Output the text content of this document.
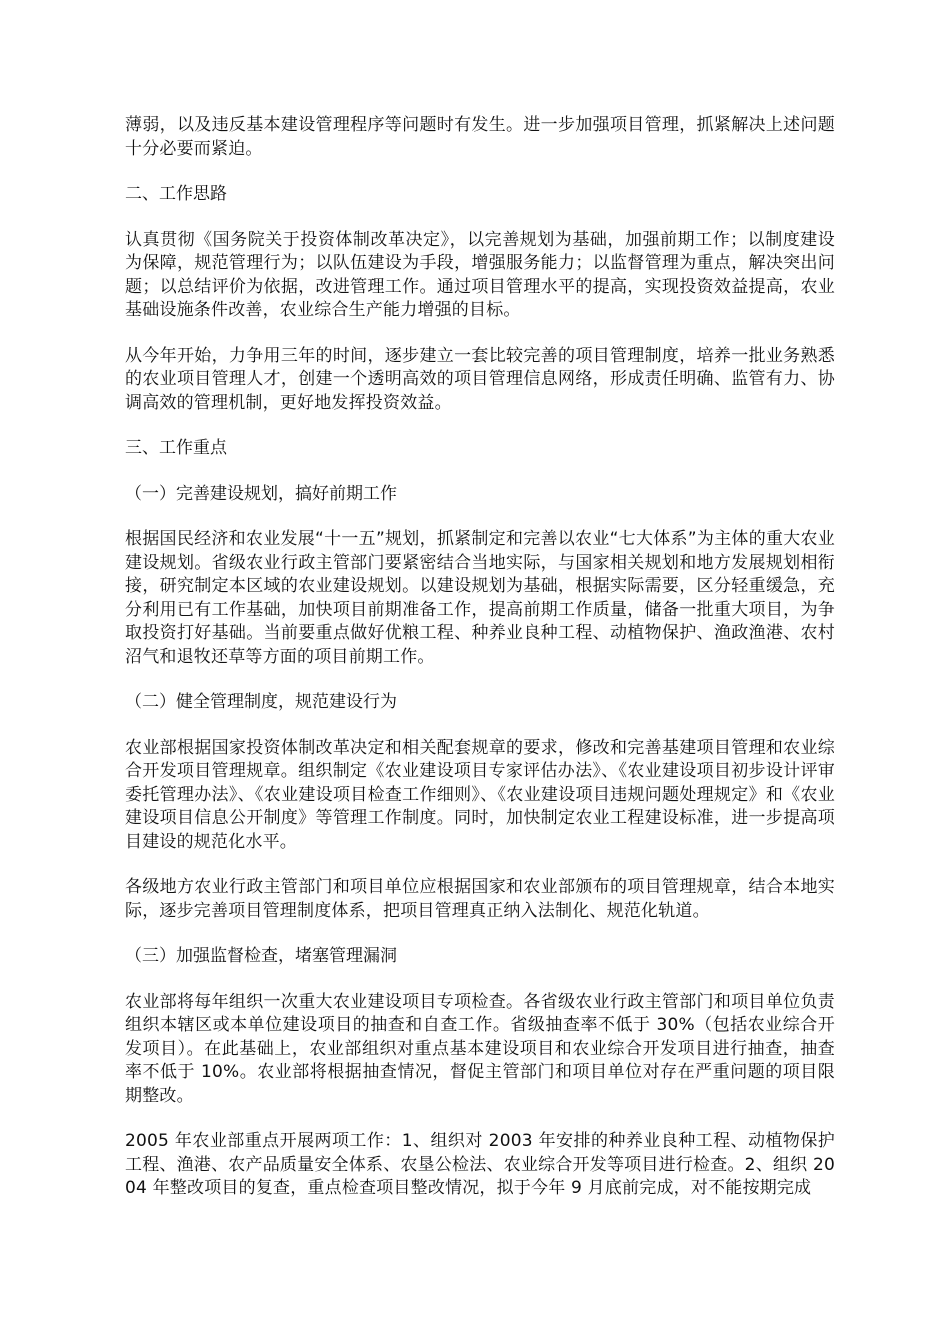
薄弱，以及违反基本建设管理程序等问题时有发生。进一步加强项目管理，抓紧解决上述问题十分必要而紧迫。

二、工作思路

认真贯彻《国务院关于投资体制改革决定》，以完善规划为基础，加强前期工作；以制度建设为保障，规范管理行为；以队伍建设为手段，增强服务能力；以监督管理为重点，解决突出问题；以总结评价为依据，改进管理工作。通过项目管理水平的提高，实现投资效益提高，农业基础设施条件改善，农业综合生产能力增强的目标。

从今年开始，力争用三年的时间，逐步建立一套比较完善的项目管理制度，培养一批业务熟悉的农业项目管理人才，创建一个透明高效的项目管理信息网络，形成责任明确、监管有力、协调高效的管理机制，更好地发挥投资效益。

三、工作重点

（一）完善建设规划，搞好前期工作

根据国民经济和农业发展“十一五”规划，抓紧制定和完善以农业“七大体系”为主体的重大农业建设规划。省级农业行政主管部门要紧密结合当地实际，与国家相关规划和地方发展规划相衔接，研究制定本区域的农业建设规划。以建设规划为基础，根据实际需要，区分轻重缓急，充分利用已有工作基础，加快项目前期准备工作，提高前期工作质量，储备一批重大项目，为争取投资打好基础。当前要重点做好优粮工程、种养业良种工程、动植物保护、渔政渔港、农村沼气和退牧还草等方面的项目前期工作。

（二）健全管理制度，规范建设行为

农业部根据国家投资体制改革决定和相关配套规章的要求，修改和完善基建项目管理和农业综合开发项目管理规章。组织制定《农业建设项目专家评估办法》、《农业建设项目初步设计评审委托管理办法》、《农业建设项目检查工作细则》、《农业建设项目违规问题处理规定》和《农业建设项目信息公开制度》等管理工作制度。同时，加快制定农业工程建设标准，进一步提高项目建设的规范化水平。

各级地方农业行政主管部门和项目单位应根据国家和农业部颁布的项目管理规章，结合本地实际，逐步完善项目管理制度体系，把项目管理真正纳入法制化、规范化轨道。

（三）加强监督检查，堵塞管理漏洞

农业部将每年组织一次重大农业建设项目专项检查。各省级农业行政主管部门和项目单位负责组织本辖区或本单位建设项目的抽查和自查工作。省级抽查率不低于 30%（包括农业综合开发项目）。在此基础上，农业部组织对重点基本建设项目和农业综合开发项目进行抽查，抽查率不低于 10%。农业部将根据抽查情况，督促主管部门和项目单位对存在严重问题的项目限期整改。

2005 年农业部重点开展两项工作：1、组织对 2003 年安排的种养业良种工程、动植物保护工程、渔港、农产品质量安全体系、农垦公检法、农业综合开发等项目进行检查。2、组织 2004 年整改项目的复查，重点检查项目整改情况，拟于今年 9 月底前完成，对不能按期完成
